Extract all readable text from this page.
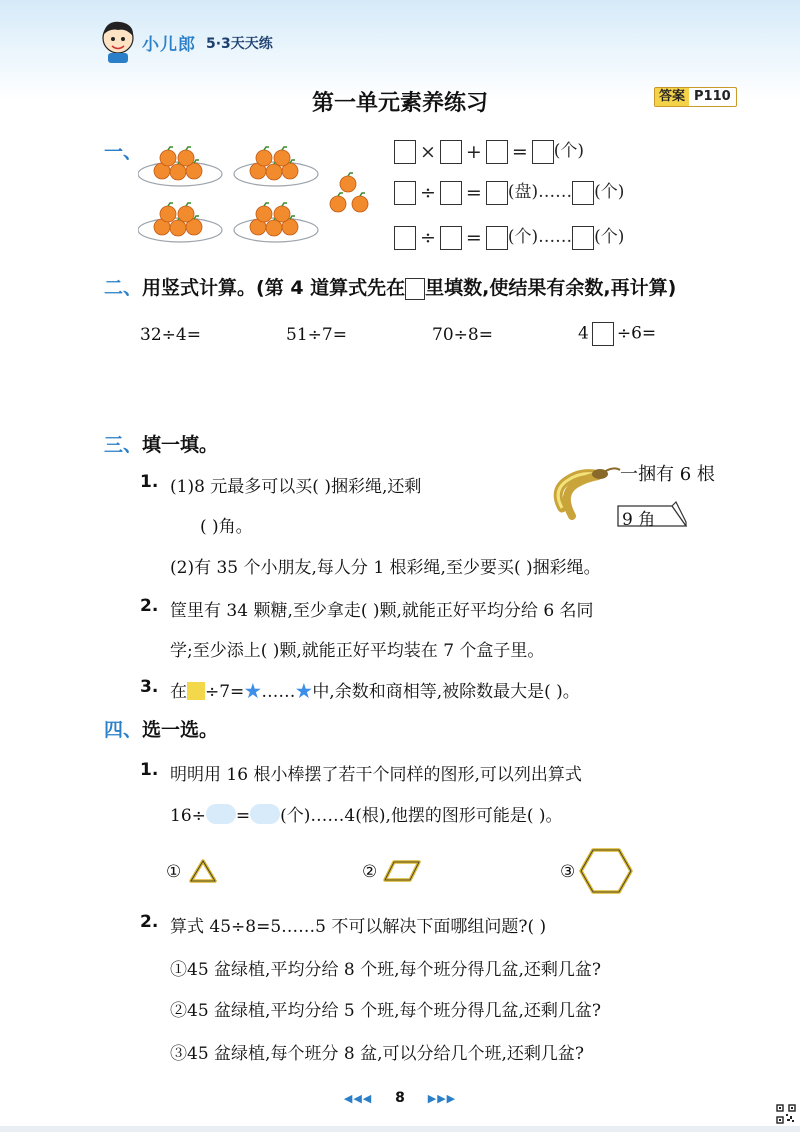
小儿郎 5·3天天练
第一单元素养练习	答案 P110
一、	× + = (个)
÷ = (盘)…… (个)
÷ = (个)…… (个)
二、用竖式计算。(第 4 道算式先在 里填数,使结果有余数,再计算)
32÷4=	51÷7=	70÷8=	4 ÷6=
三、填一填。
1. (1)8 元最多可以买( )捆彩绳,还剩
( )角。
一捆有 6 根
9 角
(2)有 35 个小朋友,每人分 1 根彩绳,至少要买( )捆彩绳。
2. 筐里有 34 颗糖,至少拿走( )颗,就能正好平均分给 6 名同
学;至少添上( )颗,就能正好平均装在 7 个盒子里。
3. 在 ÷7=★……★中,余数和商相等,被除数最大是( )。
四、选一选。
1. 明明用 16 根小棒摆了若干个同样的图形,可以列出算式
16÷ = (个)……4(根),他摆的图形可能是( )。
①	②	③
2. 算式 45÷8=5……5 不可以解决下面哪组问题?( )
①45 盆绿植,平均分给 8 个班,每个班分得几盆,还剩几盆?
②45 盆绿植,平均分给 5 个班,每个班分得几盆,还剩几盆?
③45 盆绿植,每个班分 8 盆,可以分给几个班,还剩几盆?
◀◀◀ 8 ▶▶▶
